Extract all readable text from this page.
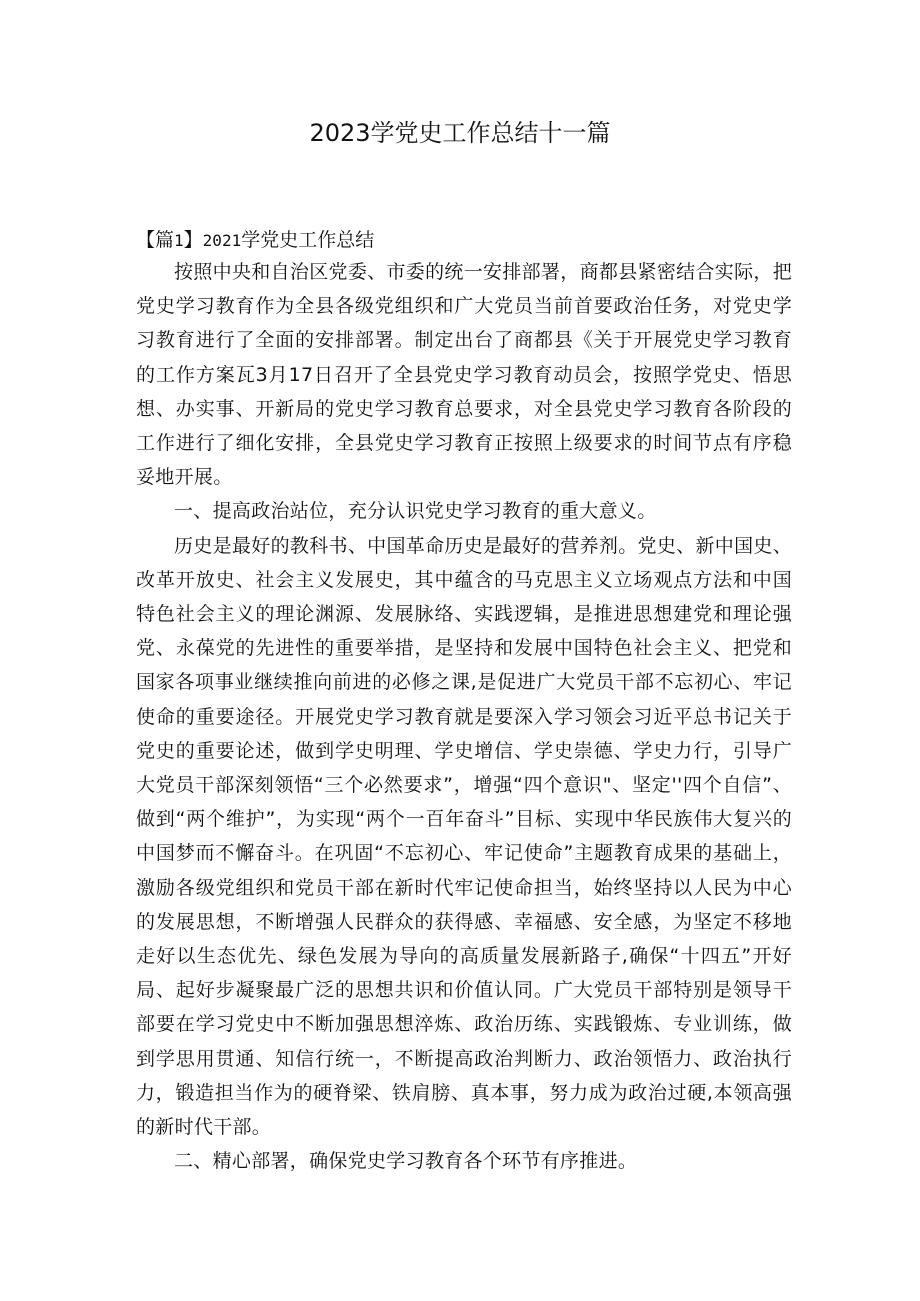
2023学党史工作总结十一篇

【篇1】2021学党史工作总结

按照中央和自治区党委、市委的统一安排部署，商都县紧密结合实际，把党史学习教育作为全县各级党组织和广大党员当前首要政治任务，对党史学习教育进行了全面的安排部署。制定出台了商都县《关于开展党史学习教育的工作方案瓦3月17日召开了全县党史学习教育动员会，按照学党史、悟思想、办实事、开新局的党史学习教育总要求，对全县党史学习教育各阶段的工作进行了细化安排，全县党史学习教育正按照上级要求的时间节点有序稳妥地开展。

一、提高政治站位，充分认识党史学习教育的重大意义。

历史是最好的教科书、中国革命历史是最好的营养剂。党史、新中国史、改革开放史、社会主义发展史，其中蕴含的马克思主义立场观点方法和中国特色社会主义的理论渊源、发展脉络、实践逻辑，是推进思想建党和理论强党、永葆党的先进性的重要举措，是坚持和发展中国特色社会主义、把党和国家各项事业继续推向前进的必修之课,是促进广大党员干部不忘初心、牢记使命的重要途径。开展党史学习教育就是要深入学习领会习近平总书记关于党史的重要论述，做到学史明理、学史增信、学史崇德、学史力行，引导广大党员干部深刻领悟“三个必然要求”，增强“四个意识"、坚定''四个自信”、做到“两个维护”，为实现“两个一百年奋斗”目标、实现中华民族伟大复兴的中国梦而不懈奋斗。在巩固“不忘初心、牢记使命”主题教育成果的基础上，激励各级党组织和党员干部在新时代牢记使命担当，始终坚持以人民为中心的发展思想，不断增强人民群众的获得感、幸福感、安全感，为坚定不移地走好以生态优先、绿色发展为导向的高质量发展新路子,确保“十四五”开好局、起好步凝聚最广泛的思想共识和价值认同。广大党员干部特别是领导干部要在学习党史中不断加强思想淬炼、政治历练、实践锻炼、专业训练，做到学思用贯通、知信行统一，不断提高政治判断力、政治领悟力、政治执行力，锻造担当作为的硬脊梁、铁肩膀、真本事，努力成为政治过硬,本领高强的新时代干部。

二、精心部署，确保党史学习教育各个环节有序推进。
